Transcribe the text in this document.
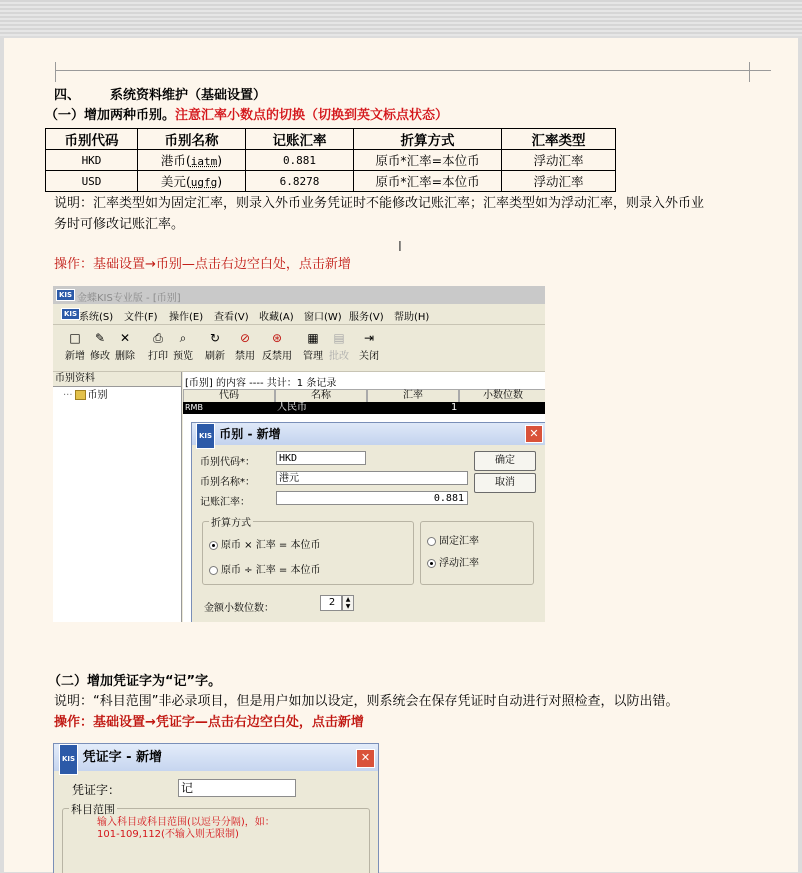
四、 系统资料维护（基础设置）
（一）增加两种币别。注意汇率小数点的切换（切换到英文标点状态）
币别代码	币别名称	记账汇率	折算方式	汇率类型
HKD	港币(iatm)	0.881	原币*汇率=本位币	浮动汇率
USD	美元(ugfg)	6.8278	原币*汇率=本位币	浮动汇率
说明：汇率类型如为固定汇率，则录入外币业务凭证时不能修改记账汇率；汇率类型如为浮动汇率，则录入外币业
务时可修改记账汇率。
I
操作：基础设置→币别—点击右边空白处，点击新增
KIS 金蝶KIS专业版 - [币别]
KIS 系统(S) 文件(F) 操作(E) 查看(V) 收藏(A) 窗口(W) 服务(V) 帮助(H)
□
新增
✎
修改
✕
删除
⎙
打印
⌕
预览
↻
刷新
⊘
禁用
⊛
反禁用
▦
管理
▤
批改
⇥
关闭
币别资料
··· 币别
[币别] 的内容 ---- 共计：1 条记录
代码	名称	汇率	小数位数
RMB	人民币	1
KIS 币别 - 新增	✕
币别代码*：	HKD
币别名称*：	港元
记账汇率：	0.881
确定
取消
折算方式
原币 × 汇率 = 本位币
原币 ÷ 汇率 = 本位币
固定汇率
浮动汇率
金额小数位数：
2	▲
▼
（二）增加凭证字为“记”字。
说明：“科目范围”非必录项目，但是用户如加以设定，则系统会在保存凭证时自动进行对照检查，以防出错。
操作：基础设置→凭证字—点击右边空白处，点击新增
KIS 凭证字 - 新增	✕
凭证字：	记
科目范围
输入科目或科目范围(以逗号分隔)，如：
101-109,112(不输入则无限制)
